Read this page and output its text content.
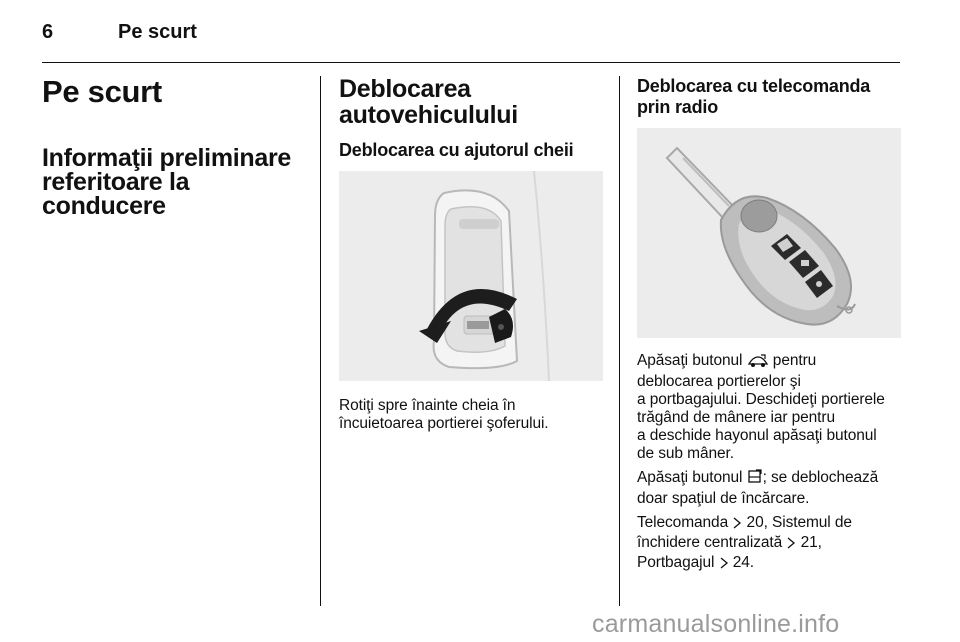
6	Pe scurt
Pe scurt
Informaţii preliminare
referitoare la conducere
Deblocarea
autovehiculului
Deblocarea cu ajutorul cheii

Rotiţi spre înainte cheia în
încuietoarea portierei şoferului.

Deblocarea cu telecomanda
prin radio

Apăsaţi butonul pentru
deblocarea portierelor şi
a portbagajului. Deschideţi portierele
trăgând de mânere iar pentru
a deschide hayonul apăsaţi butonul
de sub mâner.

Apăsaţi butonul ; se deblochează
doar spaţiul de încărcare.

Telecomanda 20, Sistemul de
închidere centralizată 21,
Portbagajul 24.

carmanualsonline.info
